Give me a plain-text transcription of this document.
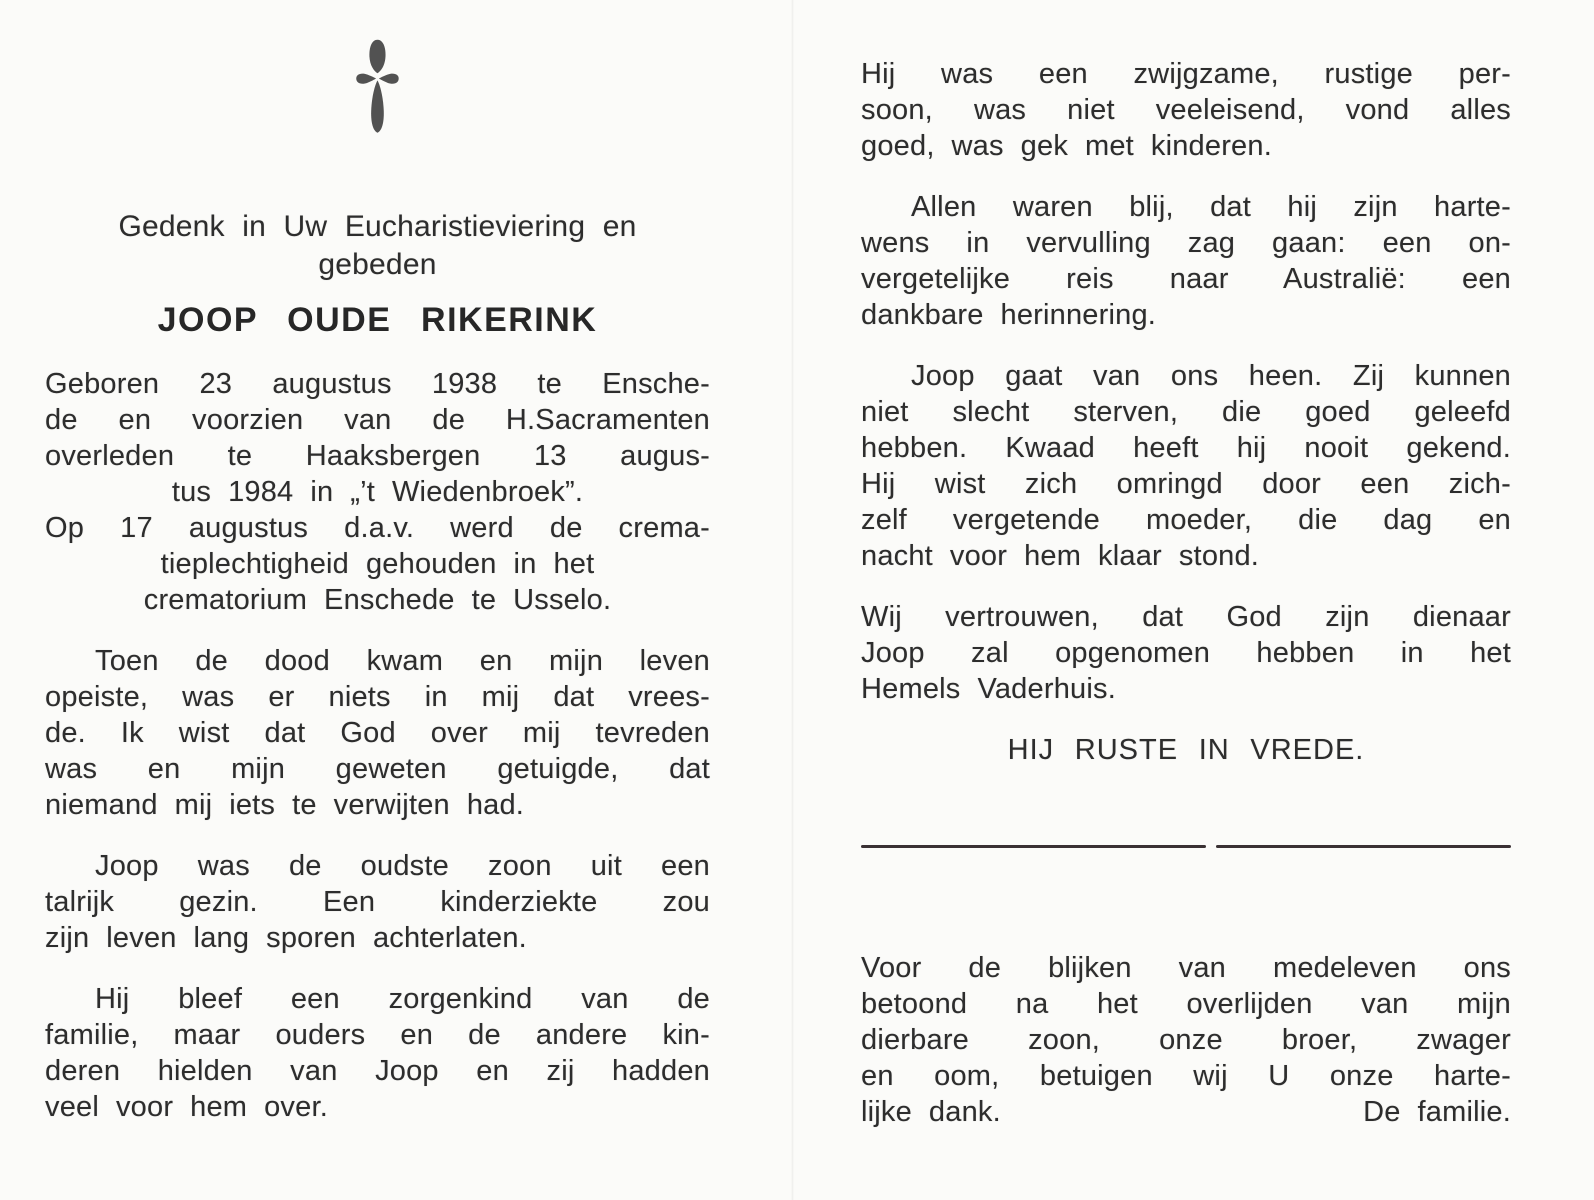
Gedenk in Uw Eucharistieviering en
gebeden
JOOP OUDE RIKERINK
Geboren 23 augustus 1938 te Ensche-
de en voorzien van de H.Sacramenten
overleden te Haaksbergen 13 augus-
tus 1984 in „’t Wiedenbroek”.
Op 17 augustus d.a.v. werd de crema-
tieplechtigheid gehouden in het
crematorium Enschede te Usselo.
Toen de dood kwam en mijn leven
opeiste, was er niets in mij dat vrees-
de. Ik wist dat God over mij tevreden
was en mijn geweten getuigde, dat
niemand mij iets te verwijten had.
Joop was de oudste zoon uit een
talrijk gezin. Een kinderziekte zou
zijn leven lang sporen achterlaten.
Hij bleef een zorgenkind van de
familie, maar ouders en de andere kin-
deren hielden van Joop en zij hadden
veel voor hem over.
Hij was een zwijgzame, rustige per-
soon, was niet veeleisend, vond alles
goed, was gek met kinderen.
Allen waren blij, dat hij zijn harte-
wens in vervulling zag gaan: een on-
vergetelijke reis naar Australië: een
dankbare herinnering.
Joop gaat van ons heen. Zij kunnen
niet slecht sterven, die goed geleefd
hebben. Kwaad heeft hij nooit gekend.
Hij wist zich omringd door een zich-
zelf vergetende moeder, die dag en
nacht voor hem klaar stond.
Wij vertrouwen, dat God zijn dienaar
Joop zal opgenomen hebben in het
Hemels Vaderhuis.
HIJ RUSTE IN VREDE.
Voor de blijken van medeleven ons
betoond na het overlijden van mijn
dierbare zoon, onze broer, zwager
en oom, betuigen wij U onze harte-
lijke dank.	De familie.
